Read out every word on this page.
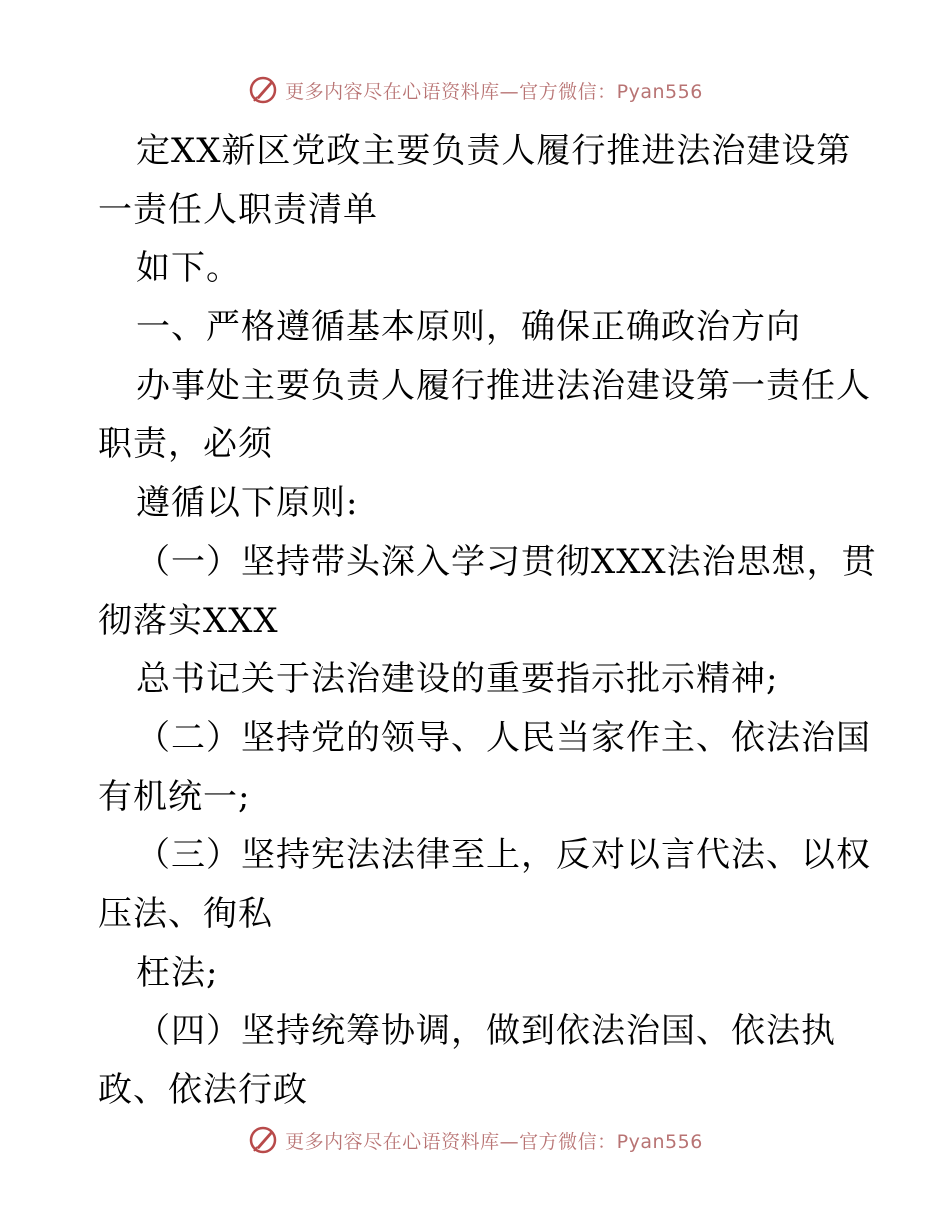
更多内容尽在心语资料库—官方微信：Pyan556
定XX新区党政主要负责人履行推进法治建设第
一责任人职责清单
如下。
一、严格遵循基本原则，确保正确政治方向
办事处主要负责人履行推进法治建设第一责任人
职责，必须
遵循以下原则:
（一）坚持带头深入学习贯彻XXX法治思想，贯
彻落实XXX
总书记关于法治建设的重要指示批示精神;
（二）坚持党的领导、人民当家作主、依法治国
有机统一;
（三）坚持宪法法律至上，反对以言代法、以权
压法、徇私
枉法;
（四）坚持统筹协调，做到依法治国、依法执
政、依法行政
更多内容尽在心语资料库—官方微信：Pyan556
